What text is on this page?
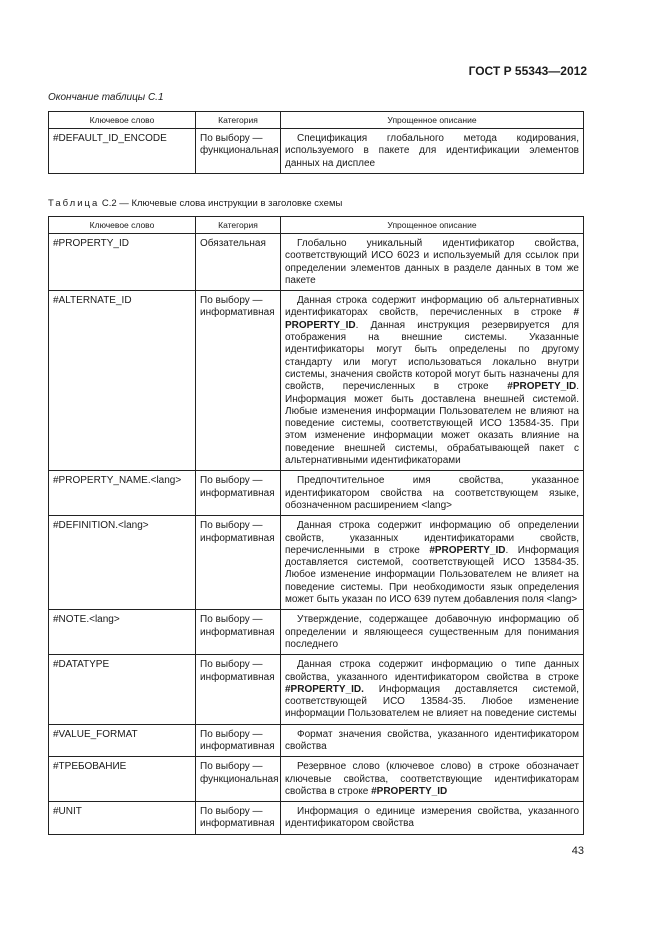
ГОСТ Р 55343—2012
Окончание таблицы С.1
Ключевое слово	Категория	Упрощенное описание
#DEFAULT_ID_ENCODE	По выбору — функциональная	Спецификация глобального метода кодирования, используемого в пакете для идентификации элементов данных на дисплее
Таблица С.2 — Ключевые слова инструкции в заголовке схемы
Ключевое слово	Категория	Упрощенное описание
#PROPERTY_ID	Обязательная	Глобально уникальный идентификатор свойства, соответствующий ИСО 6023 и используемый для ссылок при определении элементов данных в разделе данных в том же пакете
#ALTERNATE_ID	По выбору — информативная	Данная строка содержит информацию об альтернативных идентификаторах свойств, перечисленных в строке # PROPERTY_ID. Данная инструкция резервируется для отображения на внешние системы. Указанные идентификаторы могут быть определены по другому стандарту или могут использоваться локально внутри системы, значения свойств которой могут быть назначены для свойств, перечисленных в строке #PROPETY_ID. Информация может быть доставлена внешней системой. Любые изменения информации Пользователем не влияют на поведение системы, соответствующей ИСО 13584-35. При этом изменение информации может оказать влияние на поведение внешней системы, обрабатывающей пакет с альтернативными идентификаторами
#PROPERTY_NAME.<lang>	По выбору — информативная	Предпочтительное имя свойства, указанное идентификатором свойства на соответствующем языке, обозначенном расширением <lang>
#DEFINITION.<lang>	По выбору — информативная	Данная строка содержит информацию об определении свойств, указанных идентификаторами свойств, перечисленными в строке #PROPERTY_ID. Информация доставляется системой, соответствующей ИСО 13584-35. Любое изменение информации Пользователем не влияет на поведение системы. При необходимости язык определения может быть указан по ИСО 639 путем добавления поля <lang>
#NOTE.<lang>	По выбору — информативная	Утверждение, содержащее добавочную информацию об определении и являющееся существенным для понимания последнего
#DATATYPE	По выбору — информативная	Данная строка содержит информацию о типе данных свойства, указанного идентификатором свойства в строке #PROPERTY_ID. Информация доставляется системой, соответствующей ИСО 13584-35. Любое изменение информации Пользователем не влияет на поведение системы
#VALUE_FORMAT	По выбору — информативная	Формат значения свойства, указанного идентификатором свойства
#ТРЕБОВАНИЕ	По выбору — функциональная	Резервное слово (ключевое слово) в строке обозначает ключевые свойства, соответствующие идентификаторам свойства в строке #PROPERTY_ID
#UNIT	По выбору — информативная	Информация о единице измерения свойства, указанного идентификатором свойства
43
